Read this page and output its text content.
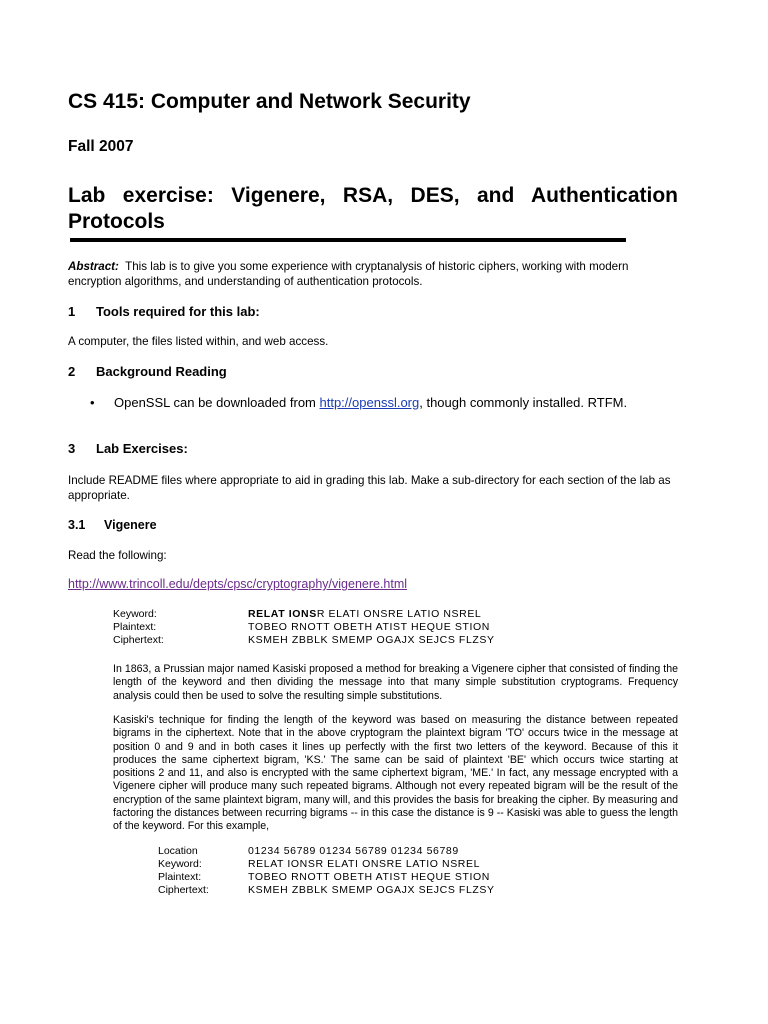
CS 415: Computer and Network Security
Fall 2007
Lab exercise: Vigenere, RSA, DES, and Authentication Protocols
Abstract: This lab is to give you some experience with cryptanalysis of historic ciphers, working with modern encryption algorithms, and understanding of authentication protocols.
1 Tools required for this lab:
A computer, the files listed within, and web access.
2 Background Reading
• OpenSSL can be downloaded from http://openssl.org, though commonly installed. RTFM.
3 Lab Exercises:
Include README files where appropriate to aid in grading this lab. Make a sub-directory for each section of the lab as appropriate.
3.1 Vigenere
Read the following:
http://www.trincoll.edu/depts/cpsc/cryptography/vigenere.html
Keyword:	RELAT IONSR ELATI ONSRE LATIO NSREL
Plaintext:	TOBEO RNOTT OBETH ATIST HEQUE STION
Ciphertext:	KSMEH ZBBLK SMEMP OGAJX SEJCS FLZSY
In 1863, a Prussian major named Kasiski proposed a method for breaking a Vigenere cipher that consisted of finding the length of the keyword and then dividing the message into that many simple substitution cryptograms. Frequency analysis could then be used to solve the resulting simple substitutions.
Kasiski's technique for finding the length of the keyword was based on measuring the distance between repeated bigrams in the ciphertext. Note that in the above cryptogram the plaintext bigram 'TO' occurs twice in the message at position 0 and 9 and in both cases it lines up perfectly with the first two letters of the keyword. Because of this it produces the same ciphertext bigram, 'KS.' The same can be said of plaintext 'BE' which occurs twice starting at positions 2 and 11, and also is encrypted with the same ciphertext bigram, 'ME.' In fact, any message encrypted with a Vigenere cipher will produce many such repeated bigrams. Although not every repeated bigram will be the result of the encryption of the same plaintext bigram, many will, and this provides the basis for breaking the cipher. By measuring and factoring the distances between recurring bigrams -- in this case the distance is 9 -- Kasiski was able to guess the length of the keyword. For this example,
Location	01234 56789 01234 56789 01234 56789
Keyword:	RELAT IONSR ELATI ONSRE LATIO NSREL
Plaintext:	TOBEO RNOTT OBETH ATIST HEQUE STION
Ciphertext:	KSMEH ZBBLK SMEMP OGAJX SEJCS FLZSY
